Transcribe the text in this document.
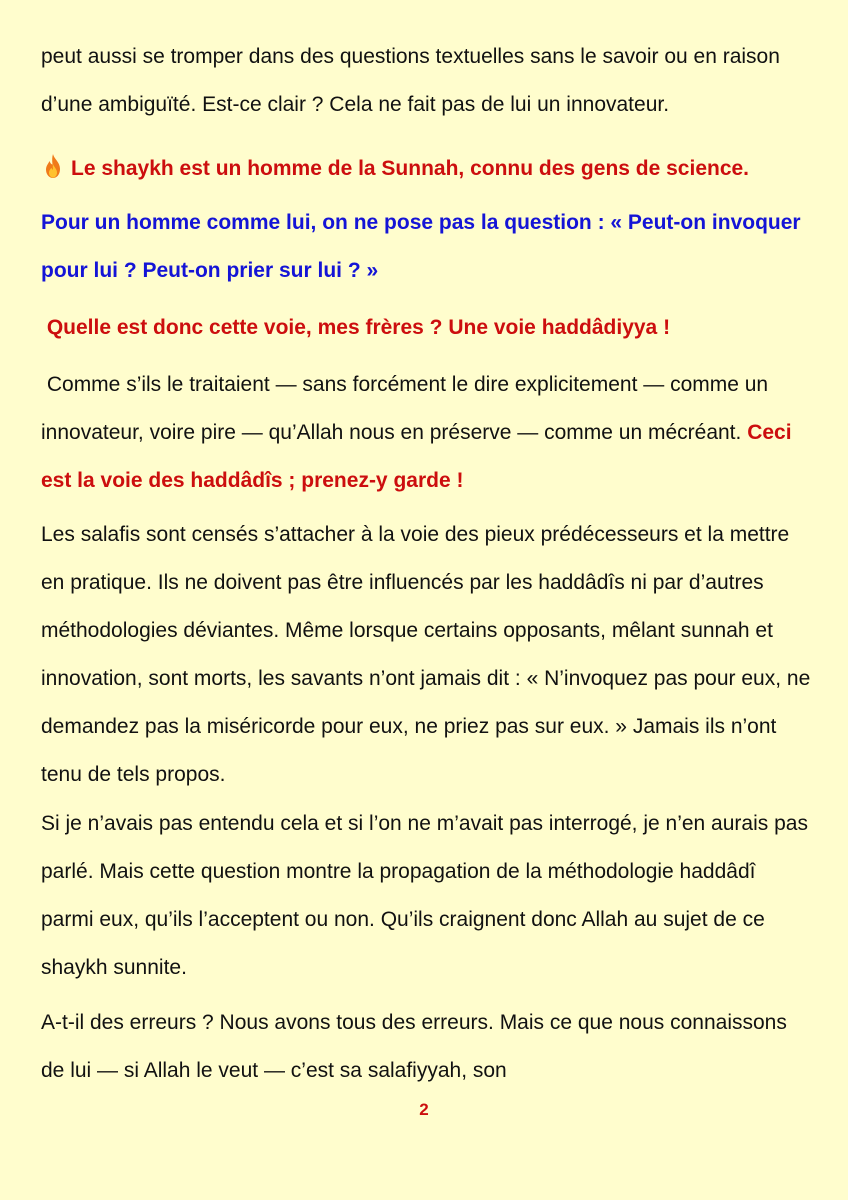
peut aussi se tromper dans des questions textuelles sans le savoir ou en raison d’une ambiguïté. Est-ce clair ? Cela ne fait pas de lui un innovateur.

Le shaykh est un homme de la Sunnah, connu des gens de science.

Pour un homme comme lui, on ne pose pas la question : « Peut-on invoquer pour lui ? Peut-on prier sur lui ? »

Quelle est donc cette voie, mes frères ? Une voie haddâdiyya !

Comme s’ils le traitaient — sans forcément le dire explicitement — comme un innovateur, voire pire — qu’Allah nous en préserve — comme un mécréant. Ceci est la voie des haddâdîs ; prenez-y garde !

Les salafis sont censés s’attacher à la voie des pieux prédécesseurs et la mettre en pratique. Ils ne doivent pas être influencés par les haddâdîs ni par d’autres méthodologies déviantes. Même lorsque certains opposants, mêlant sunnah et innovation, sont morts, les savants n’ont jamais dit : « N’invoquez pas pour eux, ne demandez pas la miséricorde pour eux, ne priez pas sur eux. » Jamais ils n’ont tenu de tels propos.

Si je n’avais pas entendu cela et si l’on ne m’avait pas interrogé, je n’en aurais pas parlé. Mais cette question montre la propagation de la méthodologie haddâdî parmi eux, qu’ils l’acceptent ou non. Qu’ils craignent donc Allah au sujet de ce shaykh sunnite.

A-t-il des erreurs ? Nous avons tous des erreurs. Mais ce que nous connaissons de lui — si Allah le veut — c’est sa salafiyyah, son

2
